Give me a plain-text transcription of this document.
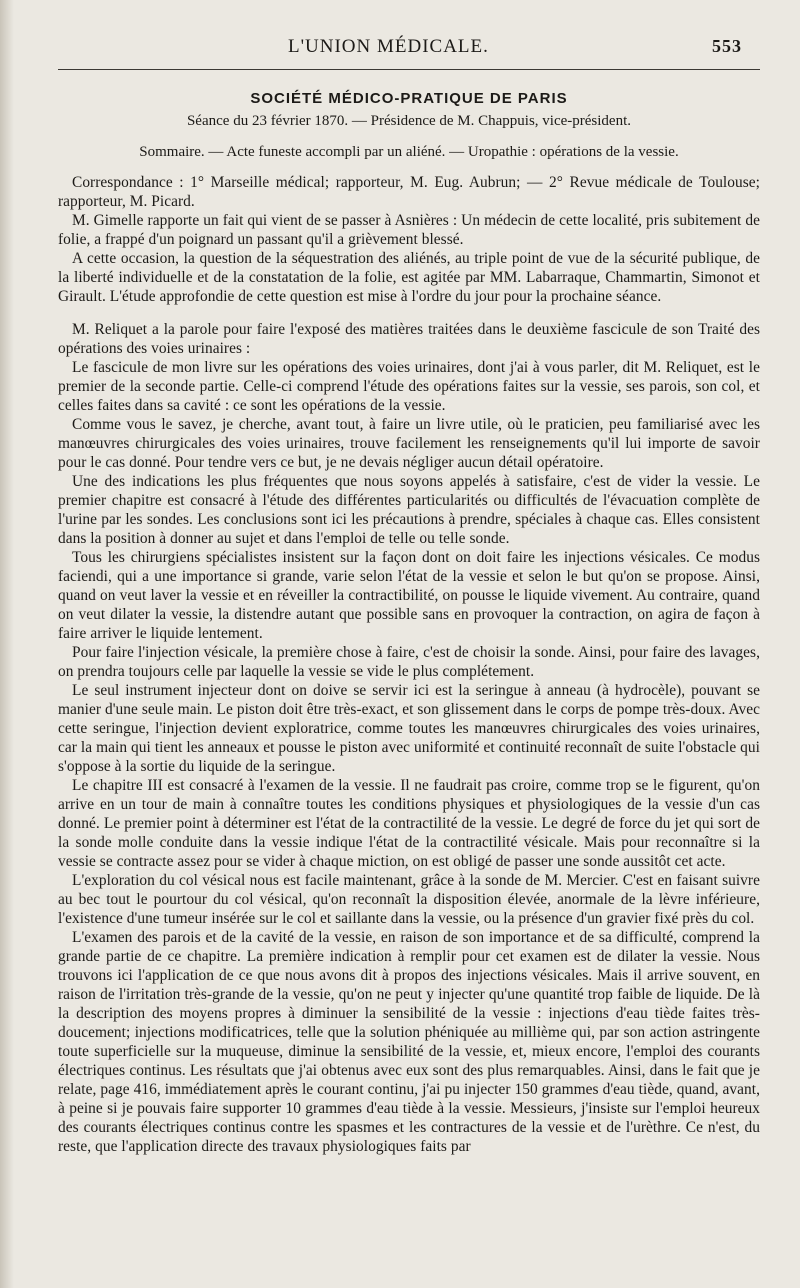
L'UNION MÉDICALE.	553
SOCIÉTÉ MÉDICO-PRATIQUE DE PARIS
Séance du 23 février 1870. — Présidence de M. Chappuis, vice-président.
Sommaire. — Acte funeste accompli par un aliéné. — Uropathie : opérations de la vessie.

Correspondance : 1° Marseille médical; rapporteur, M. Eug. Aubrun; — 2° Revue médicale de Toulouse; rapporteur, M. Picard.

M. Gimelle rapporte un fait qui vient de se passer à Asnières : Un médecin de cette localité, pris subitement de folie, a frappé d'un poignard un passant qu'il a grièvement blessé.

A cette occasion, la question de la séquestration des aliénés, au triple point de vue de la sécurité publique, de la liberté individuelle et de la constatation de la folie, est agitée par MM. Labarraque, Chammartin, Simonot et Girault. L'étude approfondie de cette question est mise à l'ordre du jour pour la prochaine séance.

M. Reliquet a la parole pour faire l'exposé des matières traitées dans le deuxième fascicule de son Traité des opérations des voies urinaires :

Le fascicule de mon livre sur les opérations des voies urinaires, dont j'ai à vous parler, dit M. Reliquet, est le premier de la seconde partie. Celle-ci comprend l'étude des opérations faites sur la vessie, ses parois, son col, et celles faites dans sa cavité : ce sont les opérations de la vessie.

Comme vous le savez, je cherche, avant tout, à faire un livre utile, où le praticien, peu familiarisé avec les manœuvres chirurgicales des voies urinaires, trouve facilement les renseignements qu'il lui importe de savoir pour le cas donné. Pour tendre vers ce but, je ne devais négliger aucun détail opératoire.

Une des indications les plus fréquentes que nous soyons appelés à satisfaire, c'est de vider la vessie. Le premier chapitre est consacré à l'étude des différentes particularités ou difficultés de l'évacuation complète de l'urine par les sondes. Les conclusions sont ici les précautions à prendre, spéciales à chaque cas. Elles consistent dans la position à donner au sujet et dans l'emploi de telle ou telle sonde.

Tous les chirurgiens spécialistes insistent sur la façon dont on doit faire les injections vésicales. Ce modus faciendi, qui a une importance si grande, varie selon l'état de la vessie et selon le but qu'on se propose. Ainsi, quand on veut laver la vessie et en réveiller la contractibilité, on pousse le liquide vivement. Au contraire, quand on veut dilater la vessie, la distendre autant que possible sans en provoquer la contraction, on agira de façon à faire arriver le liquide lentement.

Pour faire l'injection vésicale, la première chose à faire, c'est de choisir la sonde. Ainsi, pour faire des lavages, on prendra toujours celle par laquelle la vessie se vide le plus complétement.

Le seul instrument injecteur dont on doive se servir ici est la seringue à anneau (à hydrocèle), pouvant se manier d'une seule main. Le piston doit être très-exact, et son glissement dans le corps de pompe très-doux. Avec cette seringue, l'injection devient exploratrice, comme toutes les manœuvres chirurgicales des voies urinaires, car la main qui tient les anneaux et pousse le piston avec uniformité et continuité reconnaît de suite l'obstacle qui s'oppose à la sortie du liquide de la seringue.

Le chapitre III est consacré à l'examen de la vessie. Il ne faudrait pas croire, comme trop se le figurent, qu'on arrive en un tour de main à connaître toutes les conditions physiques et physiologiques de la vessie d'un cas donné. Le premier point à déterminer est l'état de la contractilité de la vessie. Le degré de force du jet qui sort de la sonde molle conduite dans la vessie indique l'état de la contractilité vésicale. Mais pour reconnaître si la vessie se contracte assez pour se vider à chaque miction, on est obligé de passer une sonde aussitôt cet acte.

L'exploration du col vésical nous est facile maintenant, grâce à la sonde de M. Mercier. C'est en faisant suivre au bec tout le pourtour du col vésical, qu'on reconnaît la disposition élevée, anormale de la lèvre inférieure, l'existence d'une tumeur insérée sur le col et saillante dans la vessie, ou la présence d'un gravier fixé près du col.

L'examen des parois et de la cavité de la vessie, en raison de son importance et de sa difficulté, comprend la grande partie de ce chapitre. La première indication à remplir pour cet examen est de dilater la vessie. Nous trouvons ici l'application de ce que nous avons dit à propos des injections vésicales. Mais il arrive souvent, en raison de l'irritation très-grande de la vessie, qu'on ne peut y injecter qu'une quantité trop faible de liquide. De là la description des moyens propres à diminuer la sensibilité de la vessie : injections d'eau tiède faites très-doucement; injections modificatrices, telle que la solution phéniquée au millième qui, par son action astringente toute superficielle sur la muqueuse, diminue la sensibilité de la vessie, et, mieux encore, l'emploi des courants électriques continus. Les résultats que j'ai obtenus avec eux sont des plus remarquables. Ainsi, dans le fait que je relate, page 416, immédiatement après le courant continu, j'ai pu injecter 150 grammes d'eau tiède, quand, avant, à peine si je pouvais faire supporter 10 grammes d'eau tiède à la vessie. Messieurs, j'insiste sur l'emploi heureux des courants électriques continus contre les spasmes et les contractures de la vessie et de l'urèthre. Ce n'est, du reste, que l'application directe des travaux physiologiques faits par
